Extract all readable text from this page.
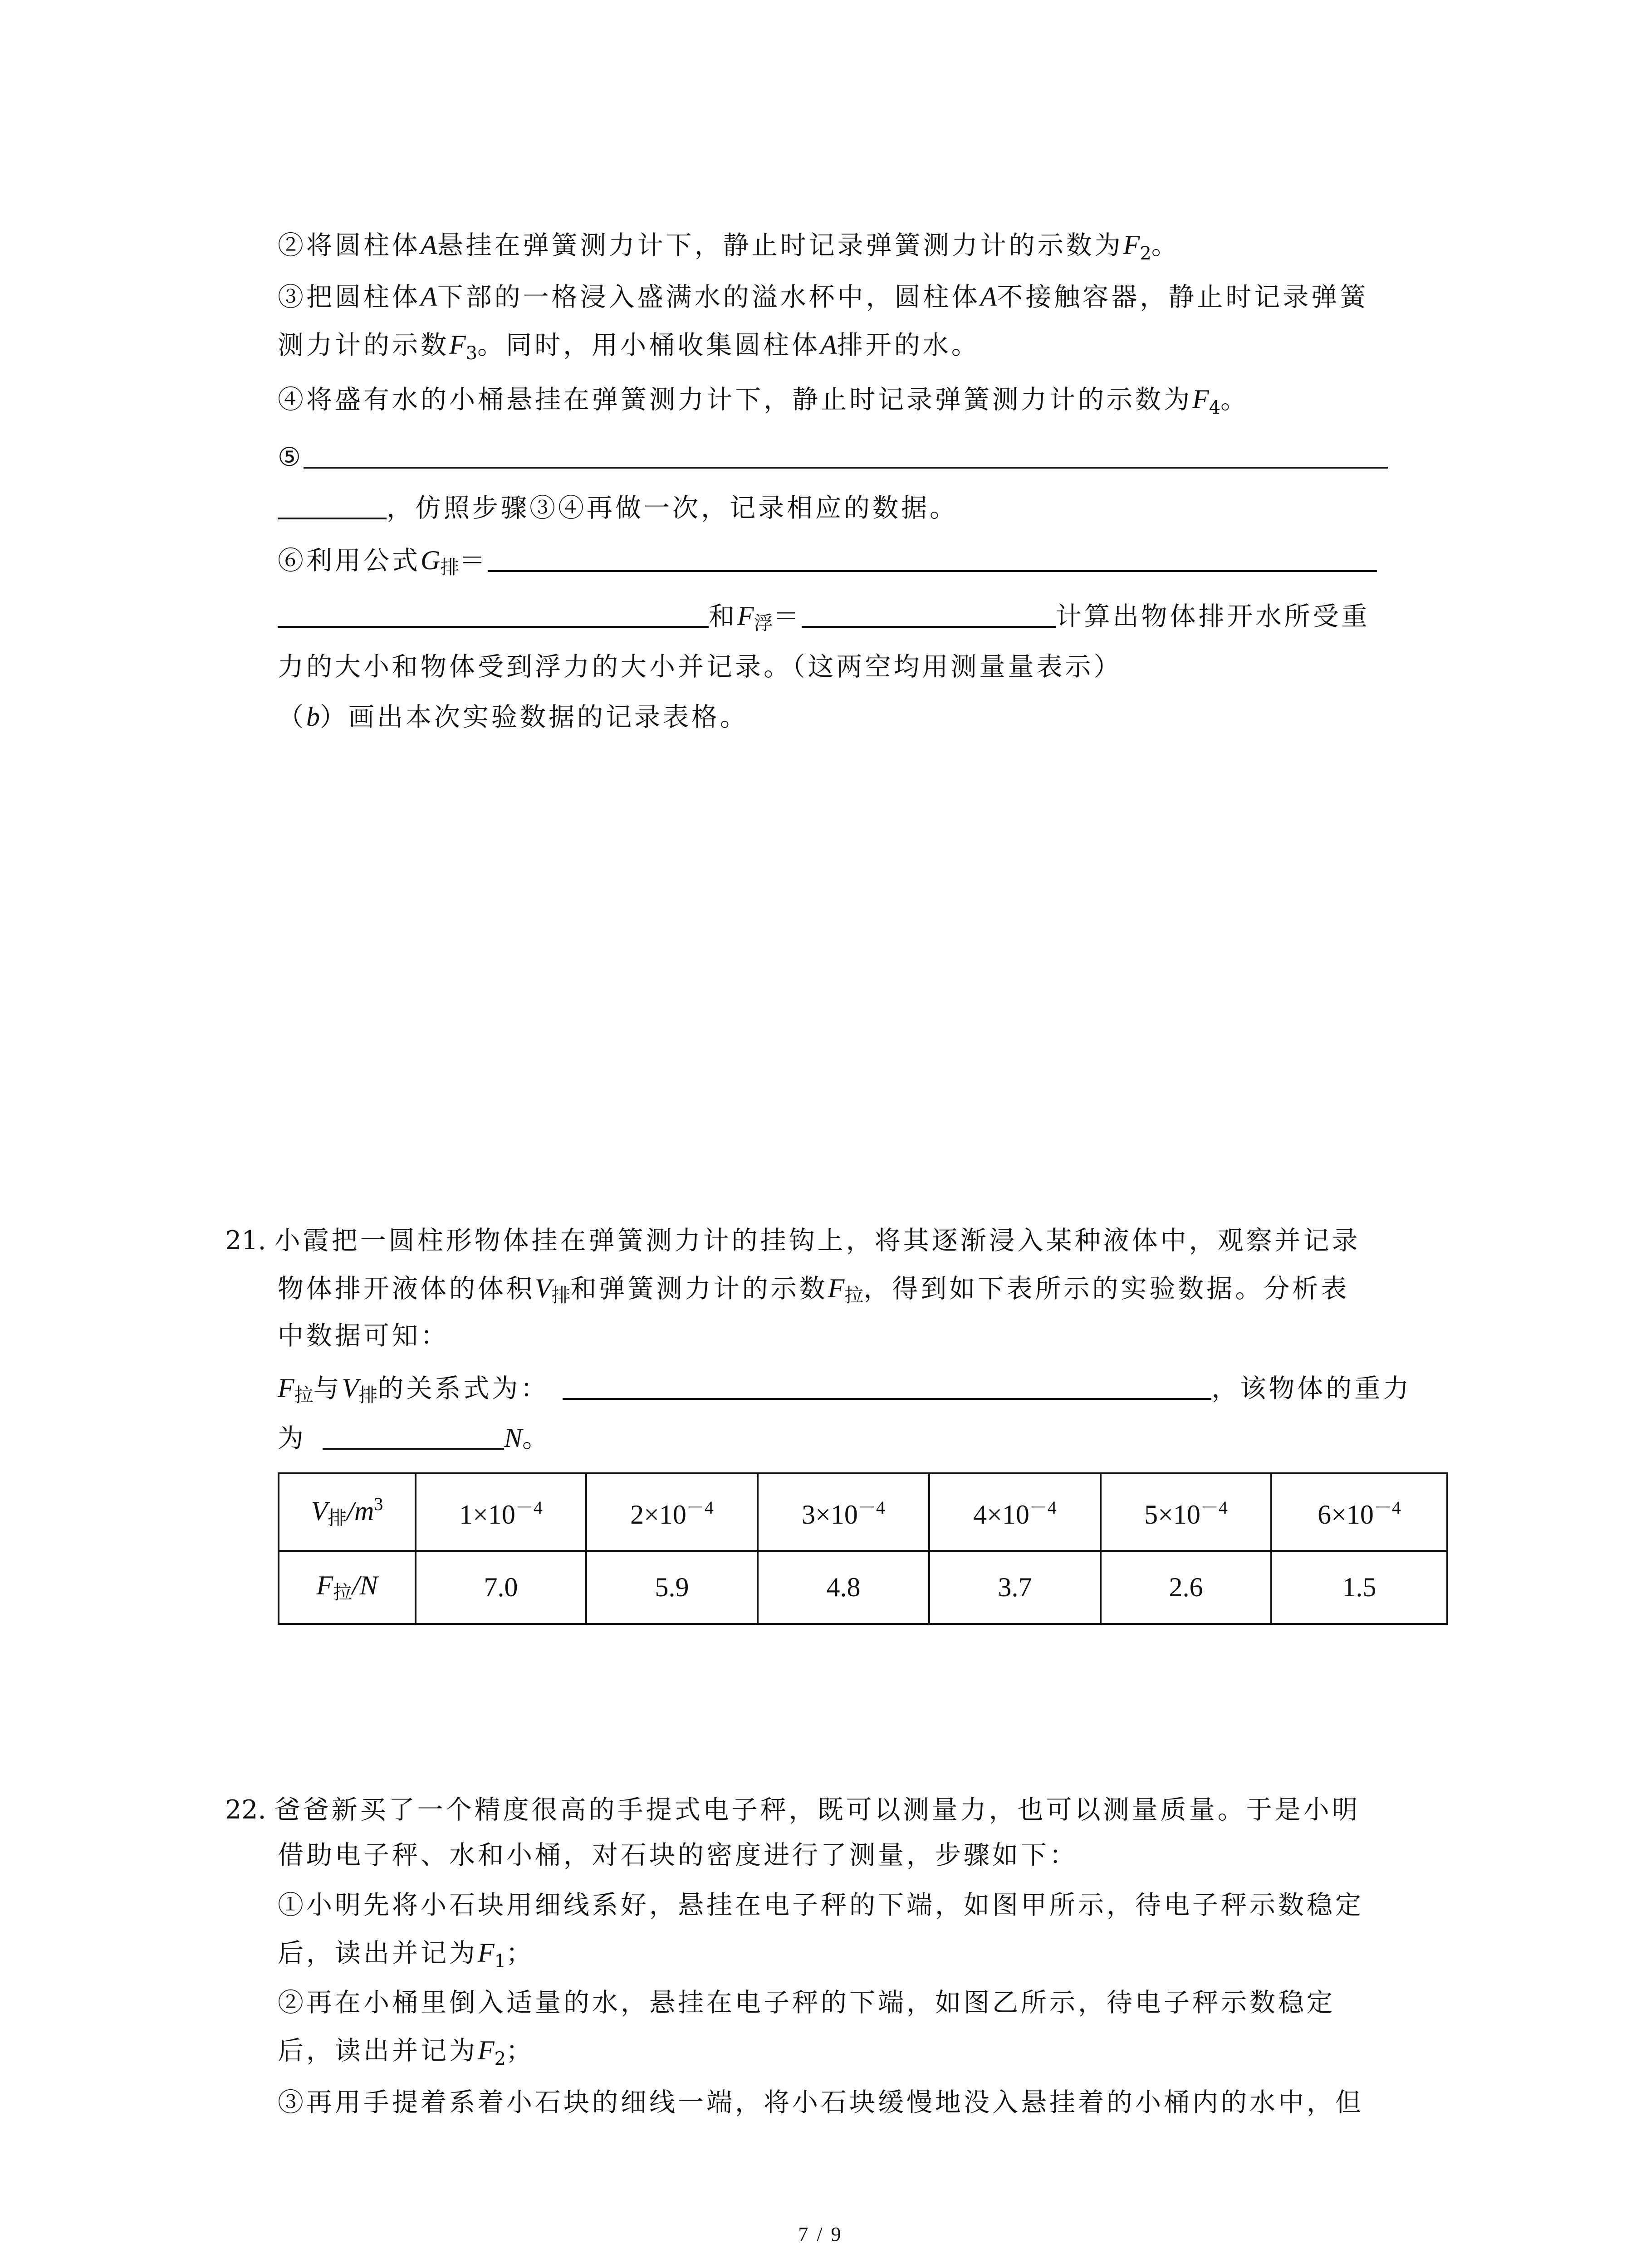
②将圆柱体A悬挂在弹簧测力计下，静止时记录弹簧测力计的示数为$F_2$。
③把圆柱体A下部的一格浸入盛满水的溢水杯中，圆柱体A不接触容器，静止时记录弹簧
测力计的示数$F_3$。同时，用小桶收集圆柱体A排开的水。
④将盛有水的小桶悬挂在弹簧测力计下，静止时记录弹簧测力计的示数为$F_4$。
⑤
，仿照步骤③④再做一次，记录相应的数据。
⑥利用公式G排＝
和F浮＝	计算出物体排开水所受重
力的大小和物体受到浮力的大小并记录。（这两空均用测量量表示）
（b）画出本次实验数据的记录表格。
21. 小霞把一圆柱形物体挂在弹簧测力计的挂钩上，将其逐渐浸入某种液体中，观察并记录
物体排开液体的体积V排和弹簧测力计的示数F拉，得到如下表所示的实验数据。分析表
中数据可知：
F拉与V排的关系式为：	，该物体的重力
为	N。
V排$/m^3$	$1\times 10^{-4}$	$2\times 10^{-4}$	$3\times 10^{-4}$	$4\times 10^{-4}$	$5\times 10^{-4}$	$6\times 10^{-4}$
F拉/N	7.0	5.9	4.8	3.7	2.6	1.5
22. 爸爸新买了一个精度很高的手提式电子秤，既可以测量力，也可以测量质量。于是小明
借助电子秤、水和小桶，对石块的密度进行了测量，步骤如下：
①小明先将小石块用细线系好，悬挂在电子秤的下端，如图甲所示，待电子秤示数稳定
后，读出并记为$F_1$；
②再在小桶里倒入适量的水，悬挂在电子秤的下端，如图乙所示，待电子秤示数稳定
后，读出并记为$F_2$；
③再用手提着系着小石块的细线一端，将小石块缓慢地没入悬挂着的小桶内的水中，但
7 / 9
